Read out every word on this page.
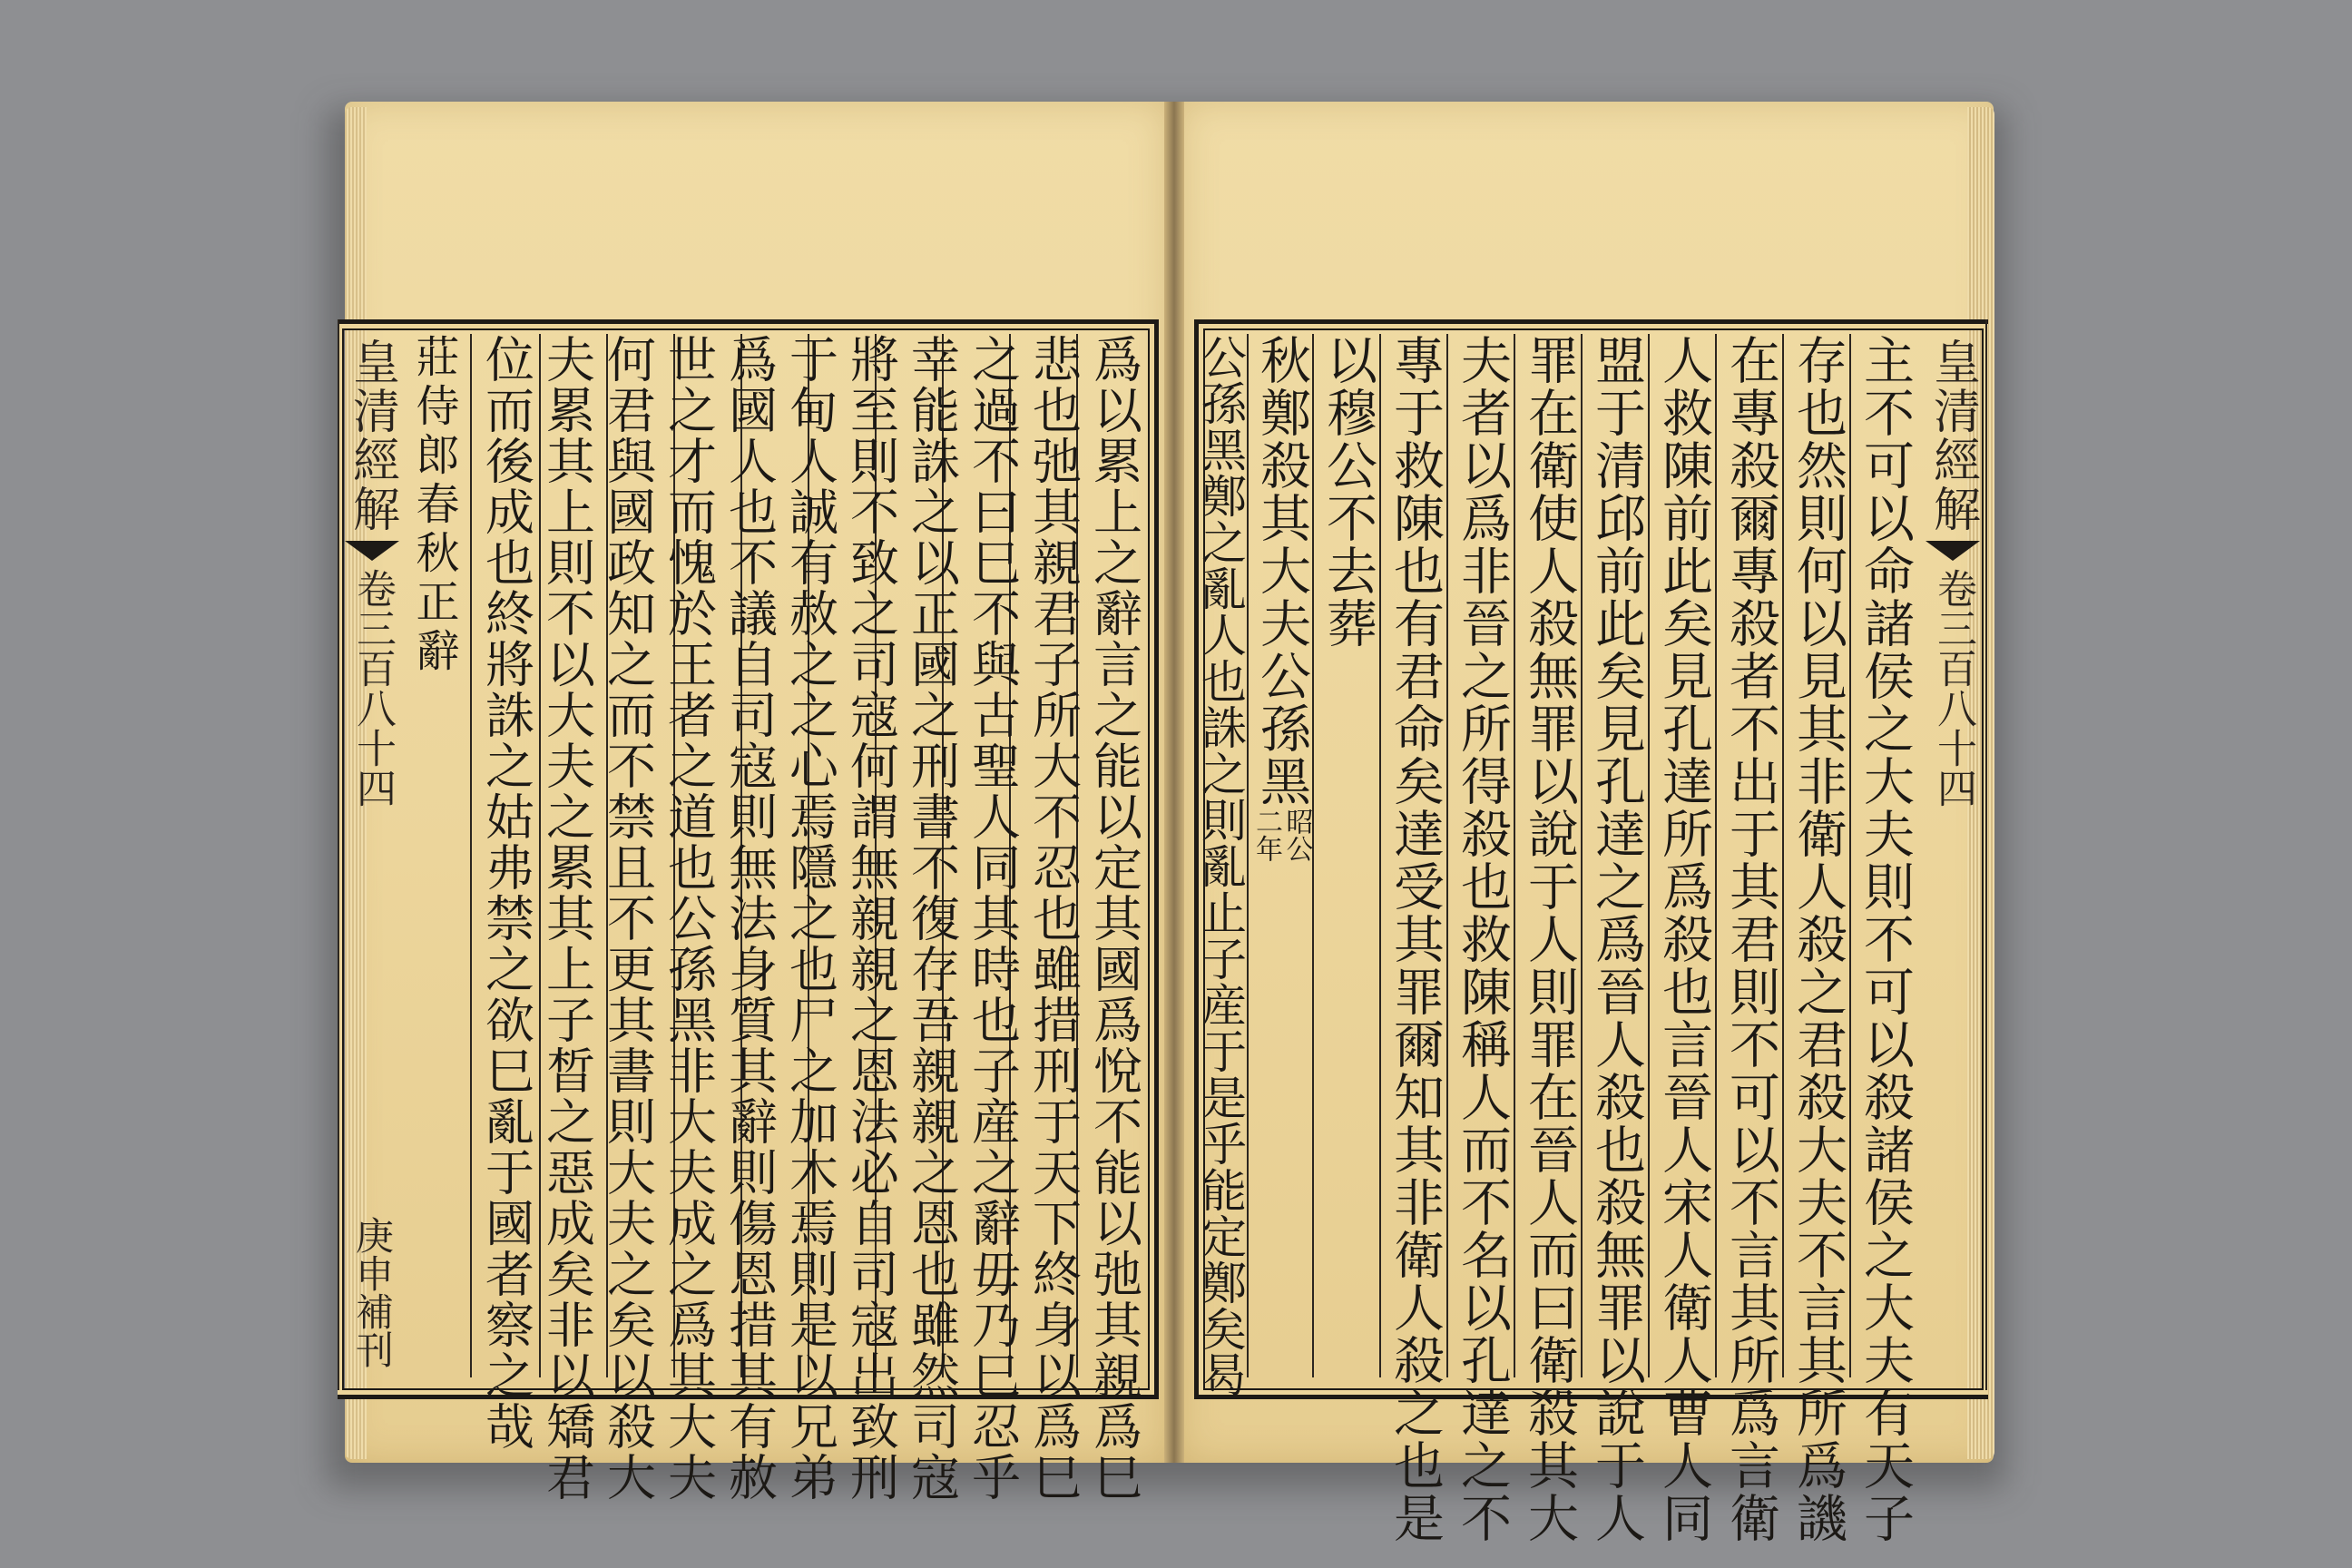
皇清經解
卷三百八十四
庚申補刊
莊侍郎春秋正辭	皇清經解
卷三百八十四
主不可以命諸侯之大夫則不可以殺諸侯之大夫有天子
存也然則何以見其非衛人殺之君殺大夫不言其所爲譏
在專殺爾專殺者不出于其君則不可以不言其所爲言衛
人救陳前此矣見孔達所爲殺也言晉人宋人衛人曹人同
盟于清邱前此矣見孔達之爲晉人殺也殺無罪以說于人
罪在衛使人殺無罪以說于人則罪在晉人而曰衛殺其大
夫者以爲非晉之所得殺也救陳稱人而不名以孔達之不
專于救陳也有君命矣達受其罪爾知其非衛人殺之也是
以穆公不去葬
秋鄭殺其大夫公孫黑
昭公
二年
公孫黑鄭之亂人也誅之則亂止子産于是乎能定鄭矣曷
爲以累上之辭言之能以定其國爲悅不能以弛其親爲巳
悲也弛其親君子所大不忍也雖措刑于天下終身以爲巳
之過不曰巳不與古聖人同其時也子産之辭毋乃巳忍乎
幸能誅之以正國之刑書不復存吾親親之恩也雖然司寇
將至則不致之司寇何謂無親親之恩法必自司寇出致刑
于甸人誠有赦之之心焉隱之也尸之加木焉則是以兄弟
爲國人也不議自司寇則無法身質其辭則傷恩措其有赦
世之才而愧於王者之道也公孫黑非大夫成之爲其大夫
何君與國政知之而不禁且不更其書則大夫之矣以殺大
夫累其上則不以大夫之累其上子晳之惡成矣非以矯君
位而後成也終將誅之姑弗禁之欲巳亂于國者察之哉
